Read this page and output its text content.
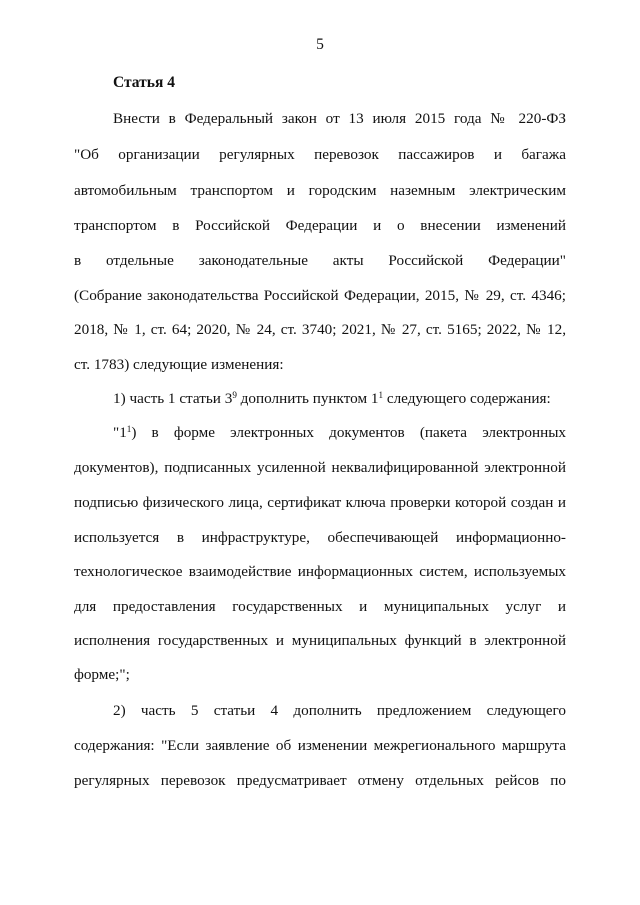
5
Статья 4
Внести в Федеральный закон от 13 июля 2015 года № 220-ФЗ
"Об организации регулярных перевозок пассажиров и багажа
автомобильным транспортом и городским наземным электрическим
транспортом в Российской Федерации и о внесении изменений
в отдельные законодательные акты Российской Федерации"
(Собрание законодательства Российской Федерации, 2015, № 29, ст. 4346;
2018, № 1, ст. 64; 2020, № 24, ст. 3740; 2021, № 27, ст. 5165; 2022, № 12,
ст. 1783) следующие изменения:
1) часть 1 статьи $3^9$ дополнить пунктом $1^1$ следующего содержания:
"$1^1$) в форме электронных документов (пакета электронных
документов), подписанных усиленной неквалифицированной электронной
подписью физического лица, сертификат ключа проверки которой создан и
используется в инфраструктуре, обеспечивающей информационно-
технологическое взаимодействие информационных систем, используемых
для предоставления государственных и муниципальных услуг и
исполнения государственных и муниципальных функций в электронной
форме;";
2) часть 5 статьи 4 дополнить предложением следующего
содержания: "Если заявление об изменении межрегионального маршрута
регулярных перевозок предусматривает отмену отдельных рейсов по
